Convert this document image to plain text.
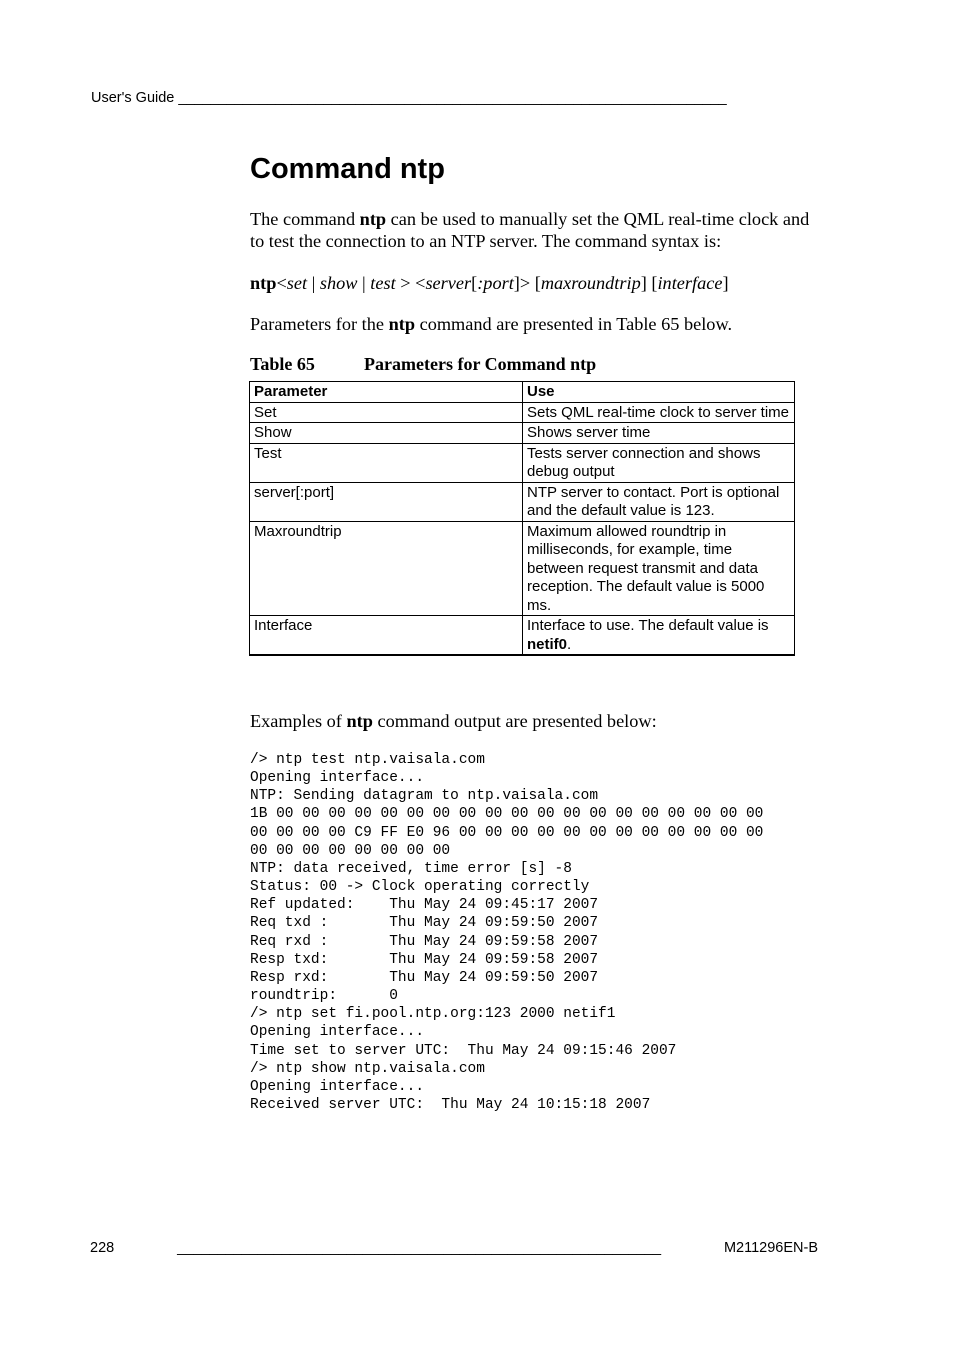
User's Guide ____________________________________________________________________
Command ntp
The command ntp can be used to manually set the QML real-time clock and to test the connection to an NTP server. The command syntax is:
ntp<set | show | test > <server[:port]> [maxroundtrip] [interface]
Parameters for the ntp command are presented in Table 65 below.
Table 65	Parameters for Command ntp
Parameter	Use
Set	Sets QML real-time clock to server time
Show	Shows server time
Test	Tests server connection and shows debug output
server[:port]	NTP server to contact. Port is optional and the default value is 123.
Maxroundtrip	Maximum allowed roundtrip in milliseconds, for example, time between request transmit and data reception. The default value is 5000 ms.
Interface	Interface to use. The default value is netif0.
Examples of ntp command output are presented below:
/> ntp test ntp.vaisala.com
Opening interface...
NTP: Sending datagram to ntp.vaisala.com
1B 00 00 00 00 00 00 00 00 00 00 00 00 00 00 00 00 00 00 00
00 00 00 00 C9 FF E0 96 00 00 00 00 00 00 00 00 00 00 00 00
00 00 00 00 00 00 00 00
NTP: data received, time error [s] -8
Status: 00 -> Clock operating correctly
Ref updated:    Thu May 24 09:45:17 2007
Req txd :       Thu May 24 09:59:50 2007
Req rxd :       Thu May 24 09:59:58 2007
Resp txd:       Thu May 24 09:59:58 2007
Resp rxd:       Thu May 24 09:59:50 2007
roundtrip:      0
/> ntp set fi.pool.ntp.org:123 2000 netif1
Opening interface...
Time set to server UTC:  Thu May 24 09:15:46 2007
/> ntp show ntp.vaisala.com
Opening interface...
Received server UTC:  Thu May 24 10:15:18 2007
228	____________________________________________________________	M211296EN-B
